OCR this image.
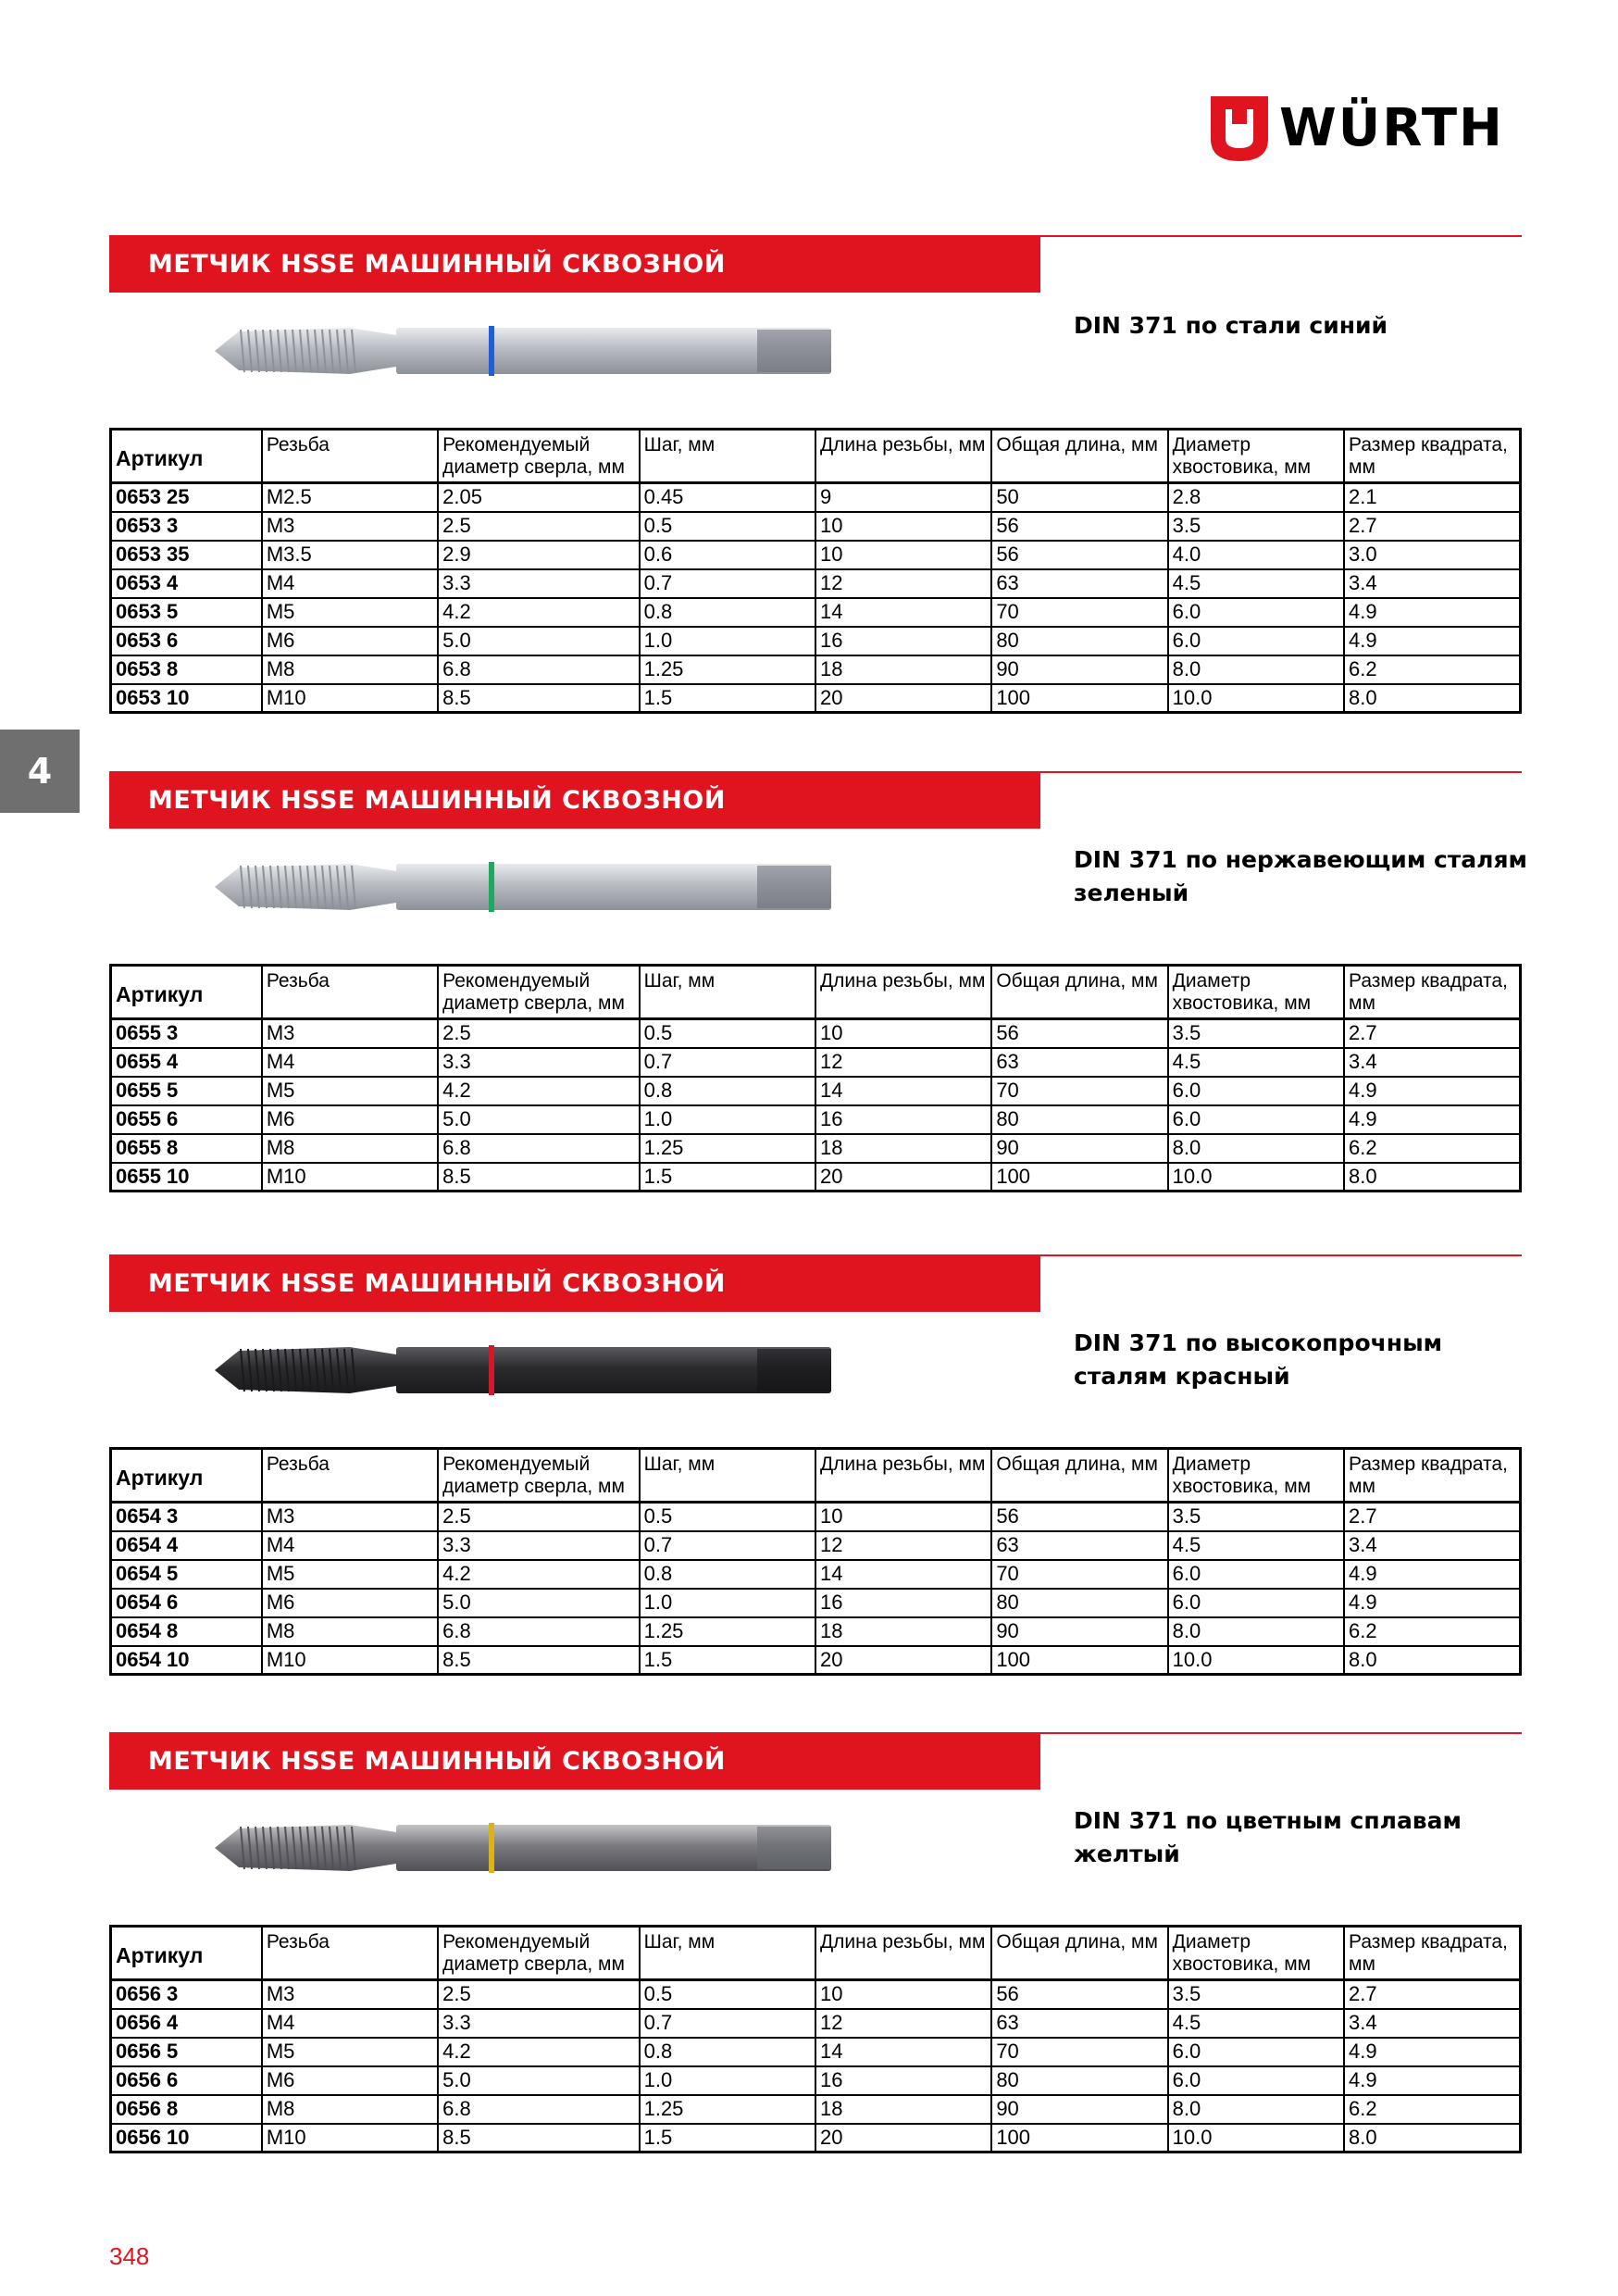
WÜRTH
4
МЕТЧИК HSSE МАШИННЫЙ СКВОЗНОЙ
DIN 371 по стали синий
Артикул	Резьба	Рекомендуемый диаметр сверла, мм	Шаг, мм	Длина резьбы, мм	Общая длина, мм	Диаметр хвостовика, мм	Размер квадрата, мм
0653 25	M2.5	2.05	0.45	9	50	2.8	2.1
0653 3	M3	2.5	0.5	10	56	3.5	2.7
0653 35	M3.5	2.9	0.6	10	56	4.0	3.0
0653 4	M4	3.3	0.7	12	63	4.5	3.4
0653 5	M5	4.2	0.8	14	70	6.0	4.9
0653 6	M6	5.0	1.0	16	80	6.0	4.9
0653 8	M8	6.8	1.25	18	90	8.0	6.2
0653 10	M10	8.5	1.5	20	100	10.0	8.0
МЕТЧИК HSSE МАШИННЫЙ СКВОЗНОЙ
DIN 371 по нержавеющим сталям
зеленый
Артикул	Резьба	Рекомендуемый диаметр сверла, мм	Шаг, мм	Длина резьбы, мм	Общая длина, мм	Диаметр хвостовика, мм	Размер квадрата, мм
0655 3	M3	2.5	0.5	10	56	3.5	2.7
0655 4	M4	3.3	0.7	12	63	4.5	3.4
0655 5	M5	4.2	0.8	14	70	6.0	4.9
0655 6	M6	5.0	1.0	16	80	6.0	4.9
0655 8	M8	6.8	1.25	18	90	8.0	6.2
0655 10	M10	8.5	1.5	20	100	10.0	8.0
МЕТЧИК HSSE МАШИННЫЙ СКВОЗНОЙ
DIN 371 по высокопрочным
сталям красный
Артикул	Резьба	Рекомендуемый диаметр сверла, мм	Шаг, мм	Длина резьбы, мм	Общая длина, мм	Диаметр хвостовика, мм	Размер квадрата, мм
0654 3	M3	2.5	0.5	10	56	3.5	2.7
0654 4	M4	3.3	0.7	12	63	4.5	3.4
0654 5	M5	4.2	0.8	14	70	6.0	4.9
0654 6	M6	5.0	1.0	16	80	6.0	4.9
0654 8	M8	6.8	1.25	18	90	8.0	6.2
0654 10	M10	8.5	1.5	20	100	10.0	8.0
МЕТЧИК HSSE МАШИННЫЙ СКВОЗНОЙ
DIN 371 по цветным сплавам
желтый
Артикул	Резьба	Рекомендуемый диаметр сверла, мм	Шаг, мм	Длина резьбы, мм	Общая длина, мм	Диаметр хвостовика, мм	Размер квадрата, мм
0656 3	M3	2.5	0.5	10	56	3.5	2.7
0656 4	M4	3.3	0.7	12	63	4.5	3.4
0656 5	M5	4.2	0.8	14	70	6.0	4.9
0656 6	M6	5.0	1.0	16	80	6.0	4.9
0656 8	M8	6.8	1.25	18	90	8.0	6.2
0656 10	M10	8.5	1.5	20	100	10.0	8.0
348
